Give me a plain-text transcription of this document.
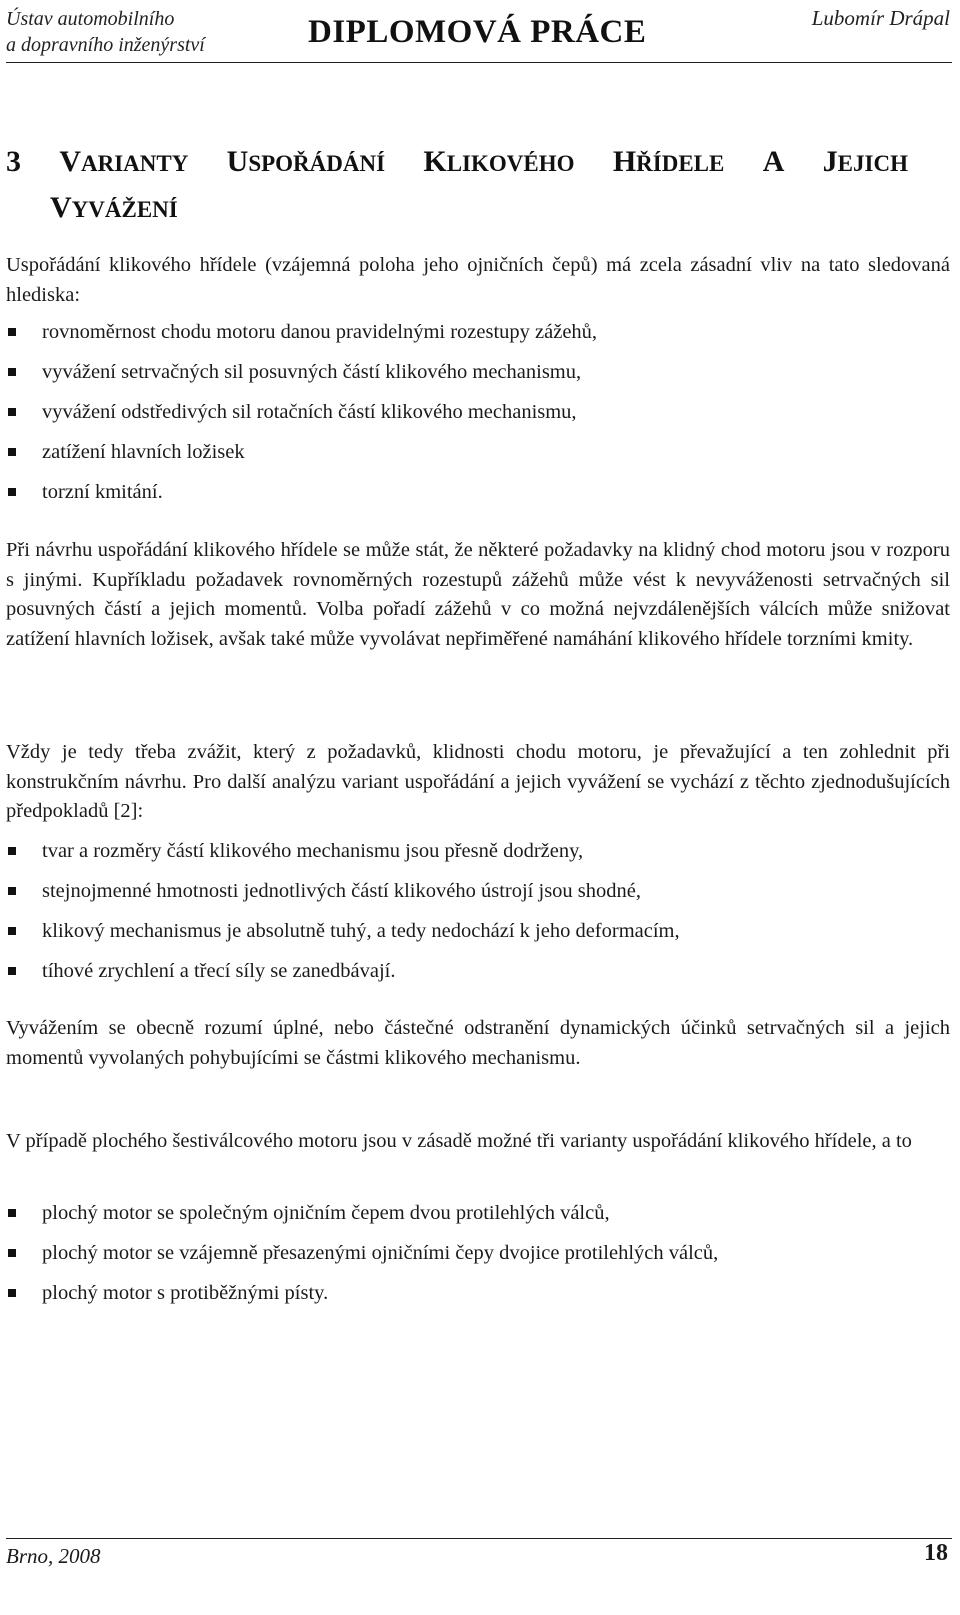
Ústav automobilního
a dopravního inženýrství	DIPLOMOVÁ PRÁCE	Lubomír Drápal
3 VARIANTY USPOŘÁDÁNÍ KLIKOVÉHO HŘÍDELE A JEJICH
VYVÁŽENÍ

Uspořádání klikového hřídele (vzájemná poloha jeho ojničních čepů) má zcela zásadní vliv na tato sledovaná hlediska:

rovnoměrnost chodu motoru danou pravidelnými rozestupy zážehů,
vyvážení setrvačných sil posuvných částí klikového mechanismu,
vyvážení odstředivých sil rotačních částí klikového mechanismu,
zatížení hlavních ložisek
torzní kmitání.

Při návrhu uspořádání klikového hřídele se může stát, že některé požadavky na klidný chod motoru jsou v rozporu s jinými. Kupříkladu požadavek rovnoměrných rozestupů zážehů může vést k nevyváženosti setrvačných sil posuvných částí a jejich momentů. Volba pořadí zážehů v co možná nejvzdálenějších válcích může snižovat zatížení hlavních ložisek, avšak také může vyvolávat nepřiměřené namáhání klikového hřídele torzními kmity.

Vždy je tedy třeba zvážit, který z požadavků, klidnosti chodu motoru, je převažující a ten zohlednit při konstrukčním návrhu. Pro další analýzu variant uspořádání a jejich vyvážení se vychází z těchto zjednodušujících předpokladů [2]:

tvar a rozměry částí klikového mechanismu jsou přesně dodrženy,
stejnojmenné hmotnosti jednotlivých částí klikového ústrojí jsou shodné,
klikový mechanismus je absolutně tuhý, a tedy nedochází k jeho deformacím,
tíhové zrychlení a třecí síly se zanedbávají.

Vyvážením se obecně rozumí úplné, nebo částečné odstranění dynamických účinků setrvačných sil a jejich momentů vyvolaných pohybujícími se částmi klikového mechanismu.

V případě plochého šestiválcového motoru jsou v zásadě možné tři varianty uspořádání klikového hřídele, a to

plochý motor se společným ojničním čepem dvou protilehlých válců,
plochý motor se vzájemně přesazenými ojničními čepy dvojice protilehlých válců,
plochý motor s protiběžnými písty.
Brno, 2008	18
